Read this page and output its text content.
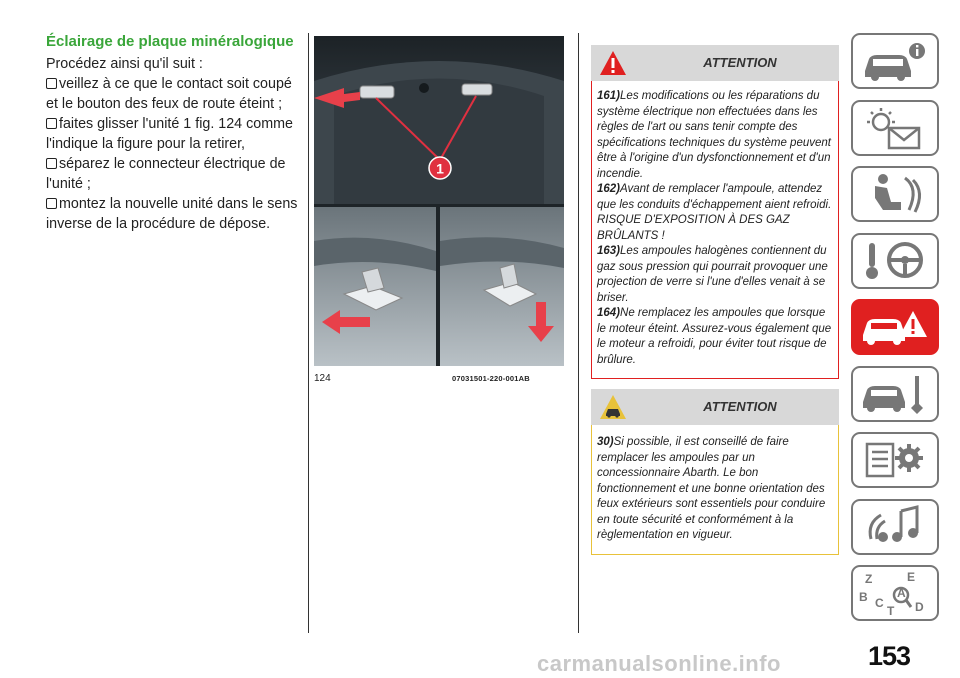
Éclairage de plaque minéralogique

Procédez ainsi qu'il suit :

veillez à ce que le contact soit coupé et le bouton des feux de route éteint ;

faites glisser l'unité 1 fig. 124 comme l'indique la figure pour la retirer,

séparez le connecteur électrique de l'unité ;

montez la nouvelle unité dans le sens inverse de la procédure de dépose.

1
124	07031501-220-001AB
ATTENTION

161)Les modifications ou les réparations du système électrique non effectuées dans les règles de l'art ou sans tenir compte des spécifications techniques du système peuvent être à l'origine d'un dysfonctionnement et d'un incendie.

162)Avant de remplacer l'ampoule, attendez que les conduits d'échappement aient refroidi. RISQUE D'EXPOSITION À DES GAZ BRÛLANTS !

163)Les ampoules halogènes contiennent du gaz sous pression qui pourrait provoquer une projection de verre si l'une d'elles venait à se briser.

164)Ne remplacez les ampoules que lorsque le moteur éteint. Assurez-vous également que le moteur a refroidi, pour éviter tout risque de brûlure.

ATTENTION

30)Si possible, il est conseillé de faire remplacer les ampoules par un concessionnaire Abarth. Le bon fonctionnement et une bonne orientation des feux extérieurs sont essentiels pour conduire en toute sécurité et conformément à la règlementation en vigueur.

Z	E
A
B C
T D
153
carmanualsonline.info
